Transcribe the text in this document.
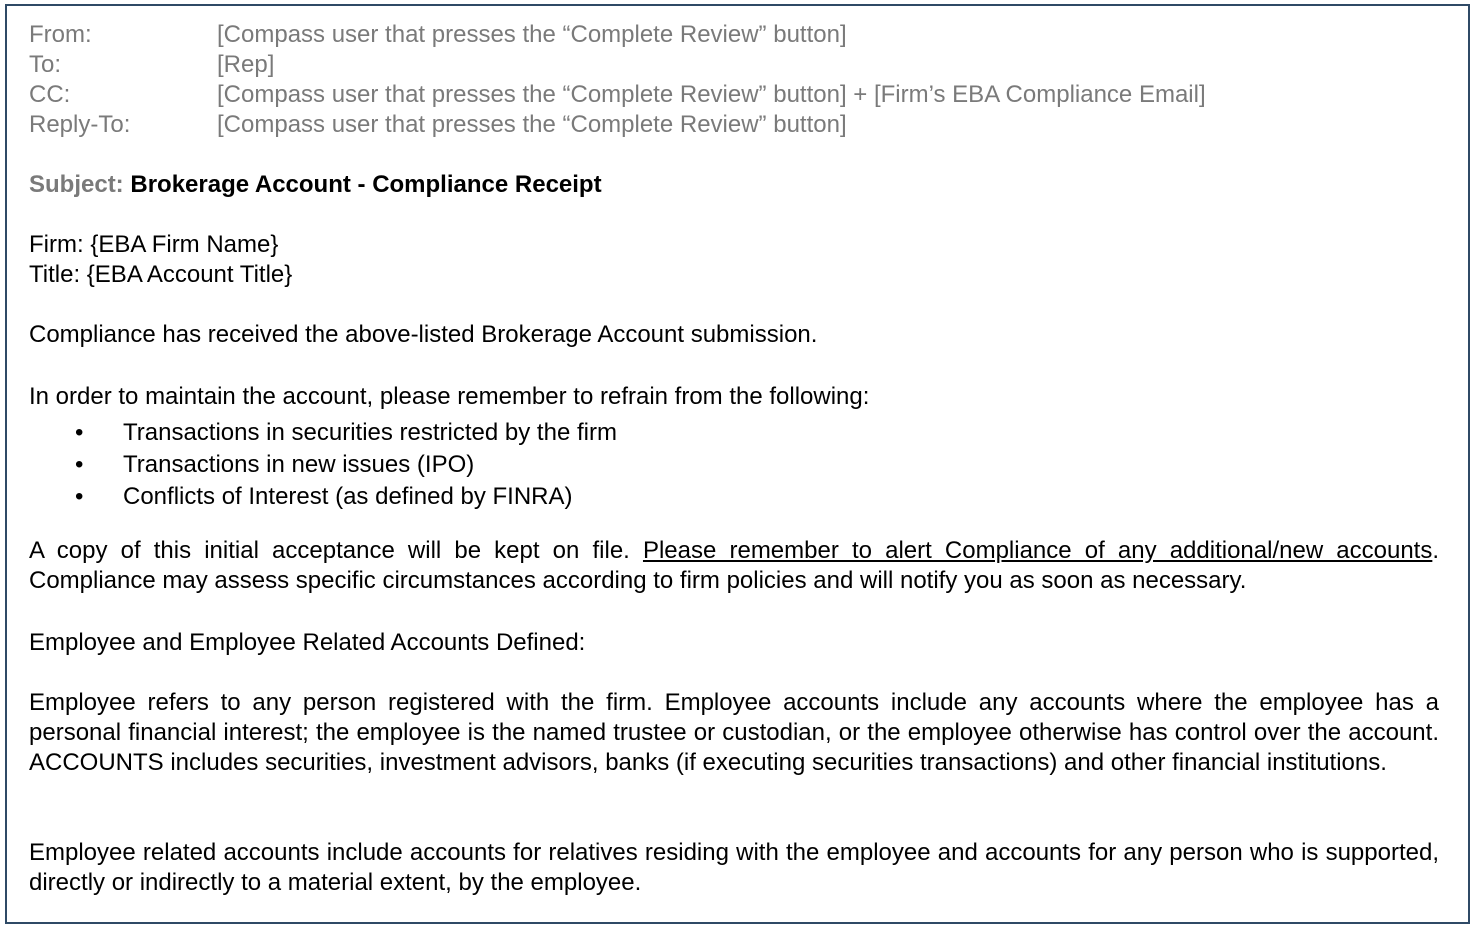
From:	[Compass user that presses the “Complete Review” button]
To:	[Rep]
CC:	[Compass user that presses the “Complete Review” button] + [Firm’s EBA Compliance Email]
Reply-To:	[Compass user that presses the “Complete Review” button]
Subject: Brokerage Account - Compliance Receipt
Firm: {EBA Firm Name}
Title: {EBA Account Title}
Compliance has received the above-listed Brokerage Account submission.
In order to maintain the account, please remember to refrain from the following:
• Transactions in securities restricted by the firm
• Transactions in new issues (IPO)
• Conflicts of Interest (as defined by FINRA)
A copy of this initial acceptance will be kept on file. Please remember to alert Compliance of any additional/new accounts. Compliance may assess specific circumstances according to firm policies and will notify you as soon as necessary.
Employee and Employee Related Accounts Defined:
Employee refers to any person registered with the firm. Employee accounts include any accounts where the employee has a personal financial interest; the employee is the named trustee or custodian, or the employee otherwise has control over the account. ACCOUNTS includes securities, investment advisors, banks (if executing securities transactions) and other financial institutions.
Employee related accounts include accounts for relatives residing with the employee and accounts for any person who is supported, directly or indirectly to a material extent, by the employee.
